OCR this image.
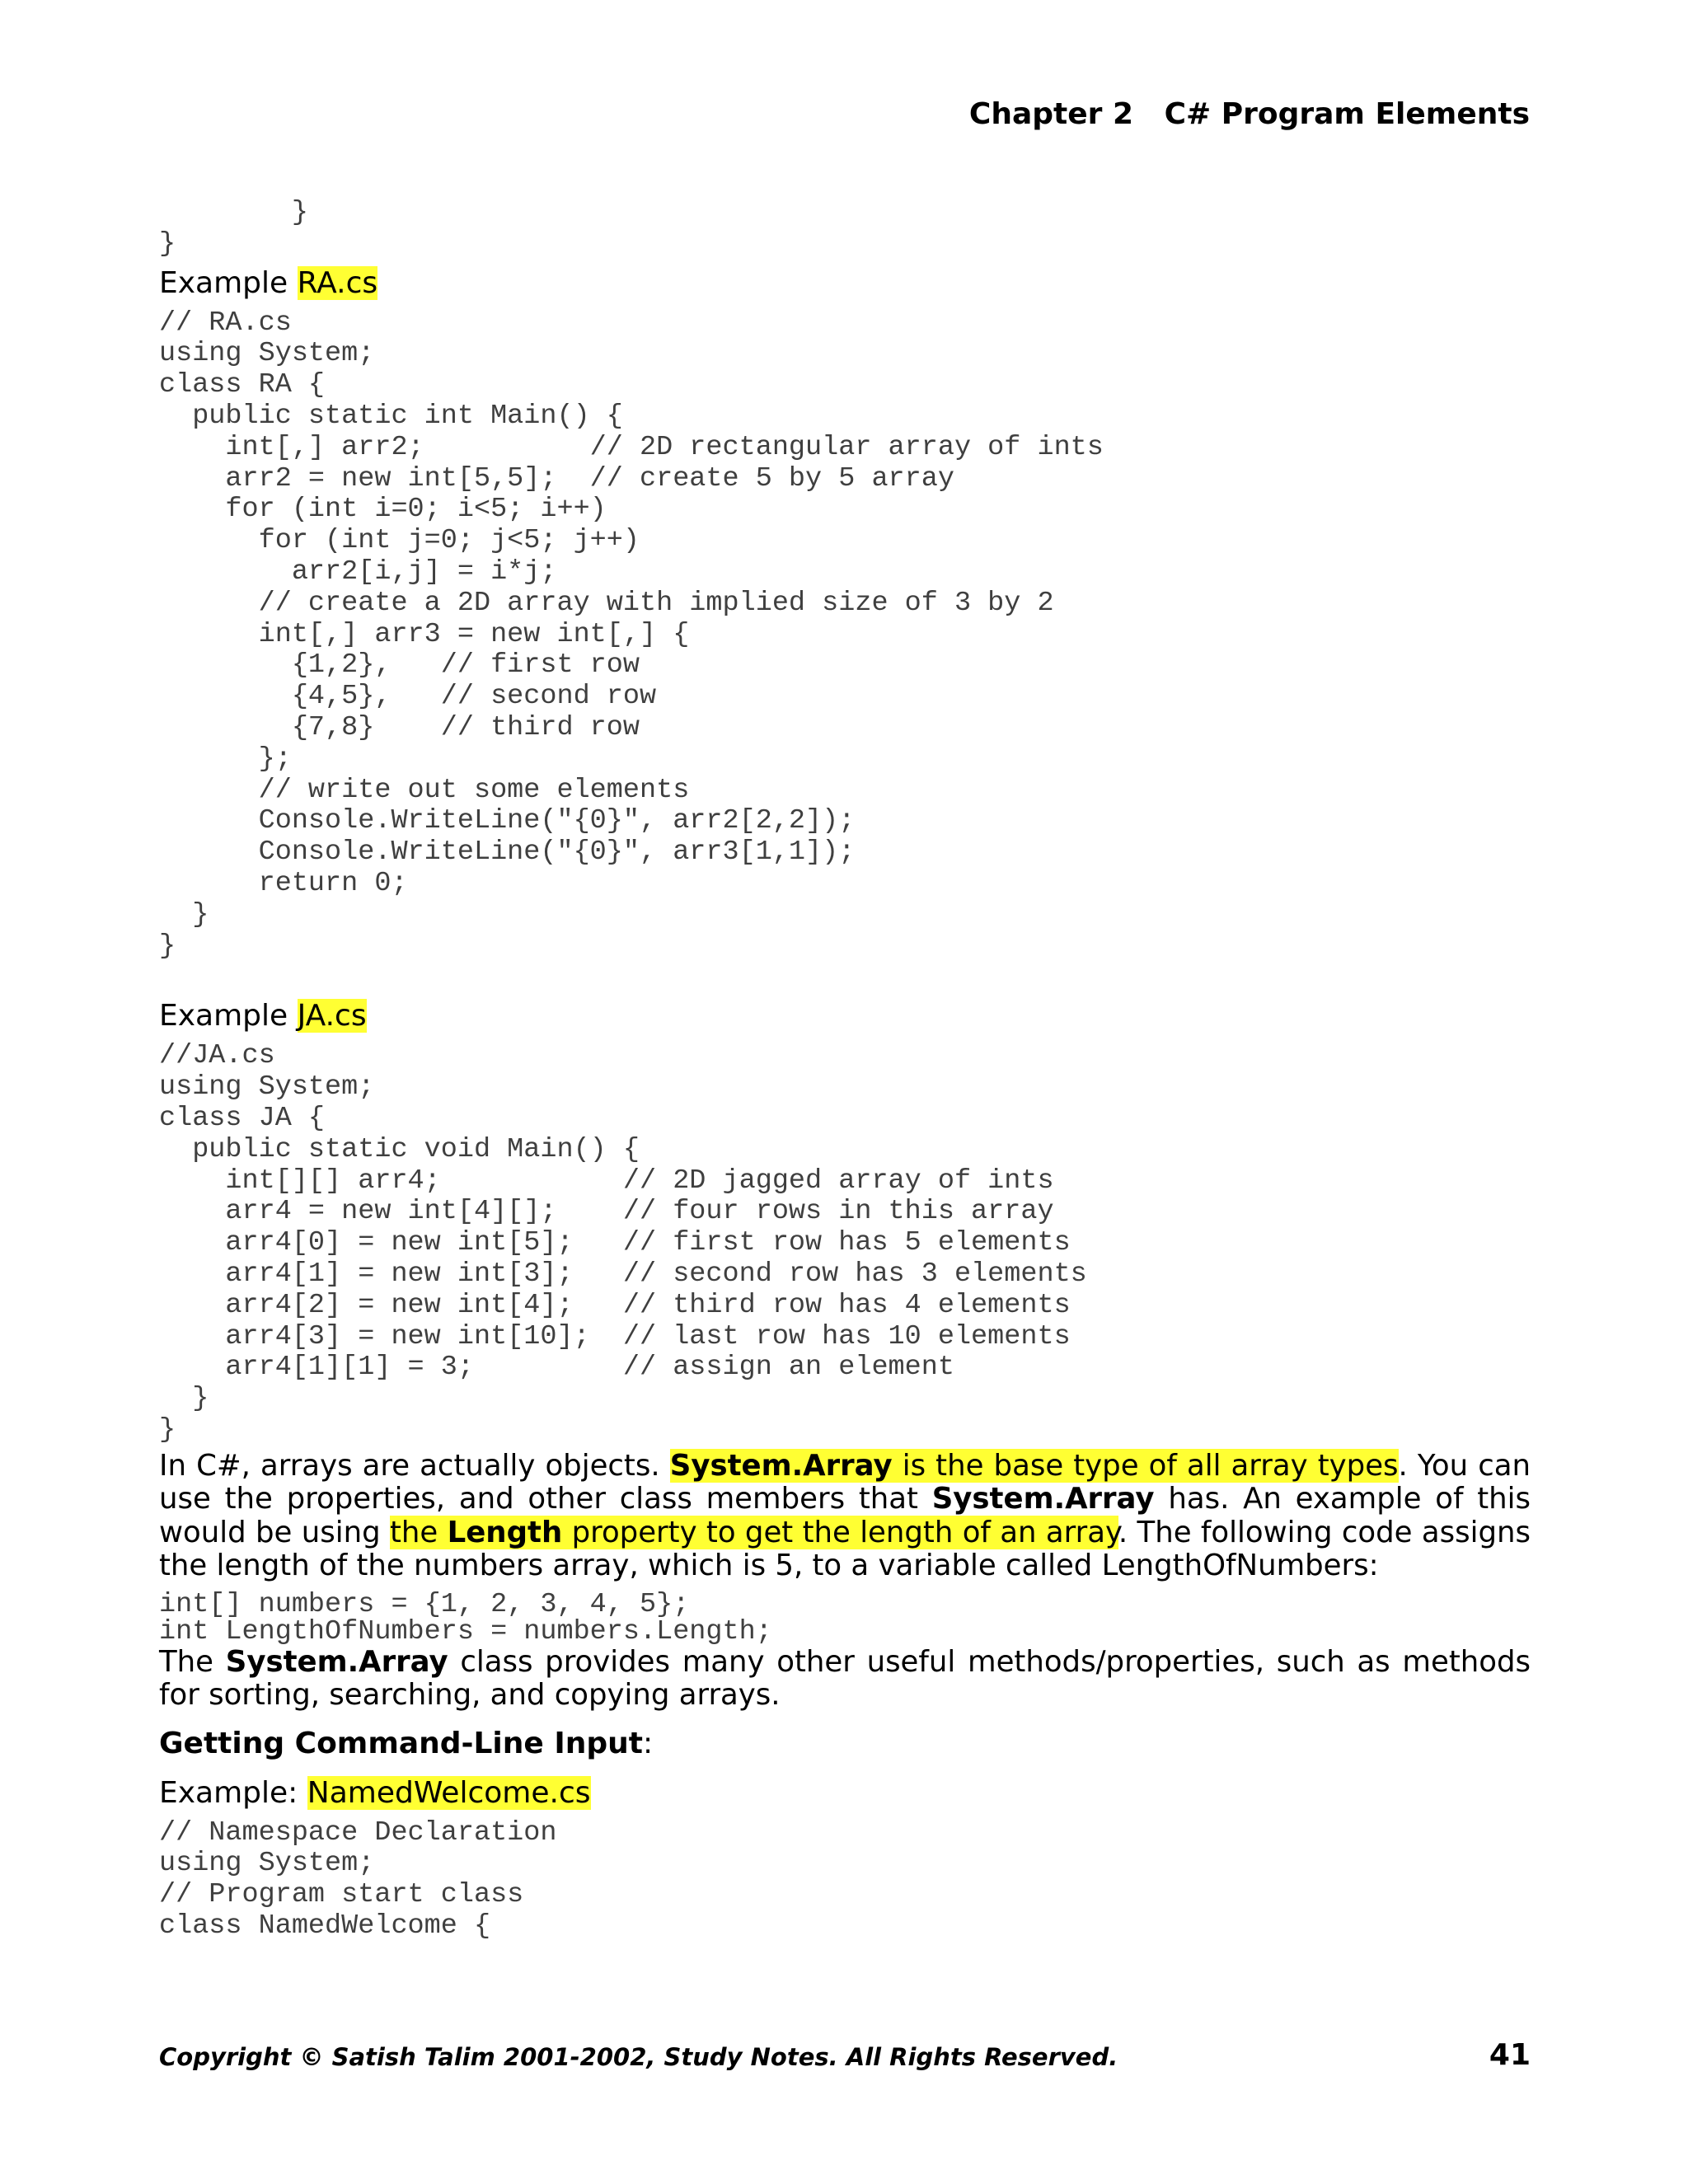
Chapter 2 C# Program Elements
}
}
Example RA.cs
// RA.cs
using System;
class RA {
public static int Main() {
int[,] arr2;          // 2D rectangular array of ints
arr2 = new int[5,5];  // create 5 by 5 array
for (int i=0; i<5; i++)
for (int j=0; j<5; j++)
arr2[i,j] = i*j;
// create a 2D array with implied size of 3 by 2
int[,] arr3 = new int[,] {
{1,2},   // first row
{4,5},   // second row
{7,8}    // third row
};
// write out some elements
Console.WriteLine("{0}", arr2[2,2]);
Console.WriteLine("{0}", arr3[1,1]);
return 0;
}
}
Example JA.cs
//JA.cs
using System;
class JA {
public static void Main() {
int[][] arr4;           // 2D jagged array of ints
arr4 = new int[4][];    // four rows in this array
arr4[0] = new int[5];   // first row has 5 elements
arr4[1] = new int[3];   // second row has 3 elements
arr4[2] = new int[4];   // third row has 4 elements
arr4[3] = new int[10];  // last row has 10 elements
arr4[1][1] = 3;         // assign an element
}
}

In C#, arrays are actually objects. System.Array is the base type of all array types. You can use the properties, and other class members that System.Array has. An example of this would be using the Length property to get the length of an array. The following code assigns the length of the numbers array, which is 5, to a variable called LengthOfNumbers:

int[] numbers = {1, 2, 3, 4, 5};
int LengthOfNumbers = numbers.Length;

The System.Array class provides many other useful methods/properties, such as methods for sorting, searching, and copying arrays.

Getting Command-Line Input:
Example: NamedWelcome.cs
// Namespace Declaration
using System;
// Program start class
class NamedWelcome {
Copyright © Satish Talim 2001-2002, Study Notes. All Rights Reserved.	41
